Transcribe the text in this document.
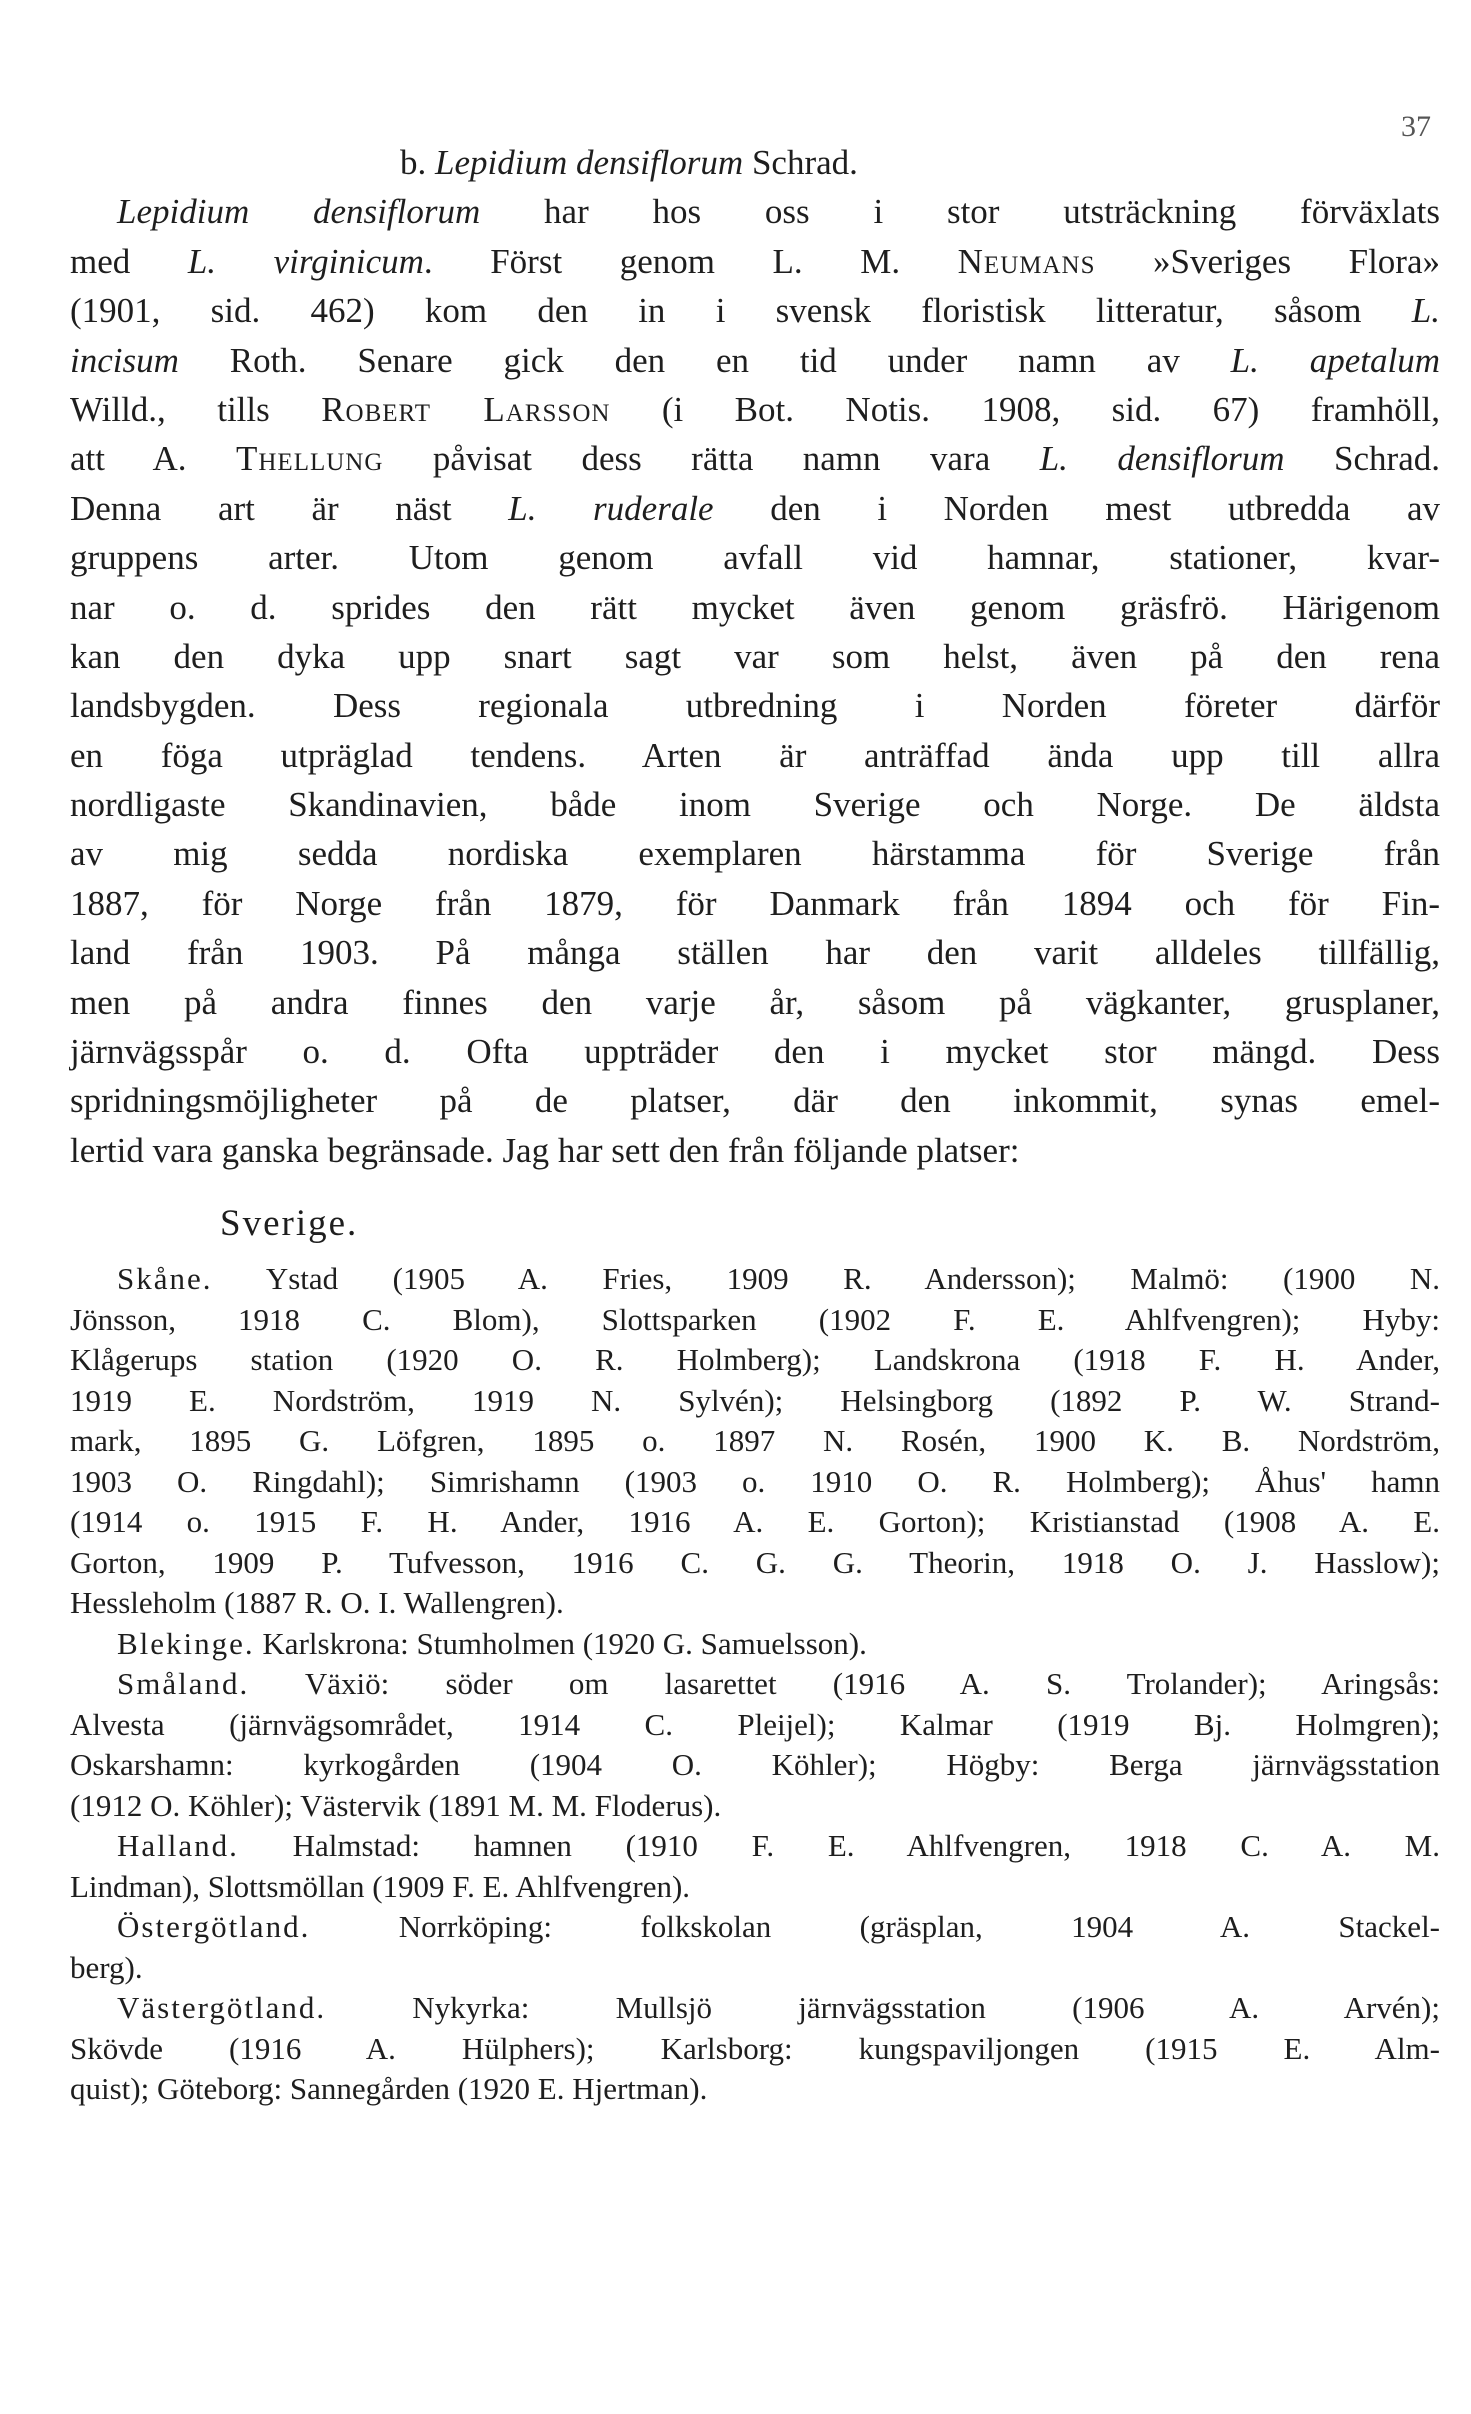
37
b. Lepidium densiflorum Schrad.
Lepidium densiflorum har hos oss i stor utsträckning förväxlats
med L. virginicum. Först genom L. M. Neumans »Sveriges Flora»
(1901, sid. 462) kom den in i svensk floristisk litteratur, såsom L.
incisum Roth. Senare gick den en tid under namn av L. apetalum
Willd., tills Robert Larsson (i Bot. Notis. 1908, sid. 67) framhöll,
att A. Thellung påvisat dess rätta namn vara L. densiflorum Schrad.
Denna art är näst L. ruderale den i Norden mest utbredda av
gruppens arter. Utom genom avfall vid hamnar, stationer, kvar-
nar o. d. sprides den rätt mycket även genom gräsfrö. Härigenom
kan den dyka upp snart sagt var som helst, även på den rena
landsbygden. Dess regionala utbredning i Norden företer därför
en föga utpräglad tendens. Arten är anträffad ända upp till allra
nordligaste Skandinavien, både inom Sverige och Norge. De äldsta
av mig sedda nordiska exemplaren härstamma för Sverige från
1887, för Norge från 1879, för Danmark från 1894 och för Fin-
land från 1903. På många ställen har den varit alldeles tillfällig,
men på andra finnes den varje år, såsom på vägkanter, grusplaner,
järnvägsspår o. d. Ofta uppträder den i mycket stor mängd. Dess
spridningsmöjligheter på de platser, där den inkommit, synas emel-
lertid vara ganska begränsade. Jag har sett den från följande platser:
Sverige.
Skåne. Ystad (1905 A. Fries, 1909 R. Andersson); Malmö: (1900 N.
Jönsson, 1918 C. Blom), Slottsparken (1902 F. E. Ahlfvengren); Hyby:
Klågerups station (1920 O. R. Holmberg); Landskrona (1918 F. H. Ander,
1919 E. Nordström, 1919 N. Sylvén); Helsingborg (1892 P. W. Strand-
mark, 1895 G. Löfgren, 1895 o. 1897 N. Rosén, 1900 K. B. Nordström,
1903 O. Ringdahl); Simrishamn (1903 o. 1910 O. R. Holmberg); Åhus' hamn
(1914 o. 1915 F. H. Ander, 1916 A. E. Gorton); Kristianstad (1908 A. E.
Gorton, 1909 P. Tufvesson, 1916 C. G. G. Theorin, 1918 O. J. Hasslow);
Hessleholm (1887 R. O. I. Wallengren).
Blekinge. Karlskrona: Stumholmen (1920 G. Samuelsson).
Småland. Växiö: söder om lasarettet (1916 A. S. Trolander); Aringsås:
Alvesta (järnvägsområdet, 1914 C. Pleijel); Kalmar (1919 Bj. Holmgren);
Oskarshamn: kyrkogården (1904 O. Köhler); Högby: Berga järnvägsstation
(1912 O. Köhler); Västervik (1891 M. M. Floderus).
Halland. Halmstad: hamnen (1910 F. E. Ahlfvengren, 1918 C. A. M.
Lindman), Slottsmöllan (1909 F. E. Ahlfvengren).
Östergötland. Norrköping: folkskolan (gräsplan, 1904 A. Stackel-
berg).
Västergötland. Nykyrka: Mullsjö järnvägsstation (1906 A. Arvén);
Skövde (1916 A. Hülphers); Karlsborg: kungspaviljongen (1915 E. Alm-
quist); Göteborg: Sannegården (1920 E. Hjertman).
